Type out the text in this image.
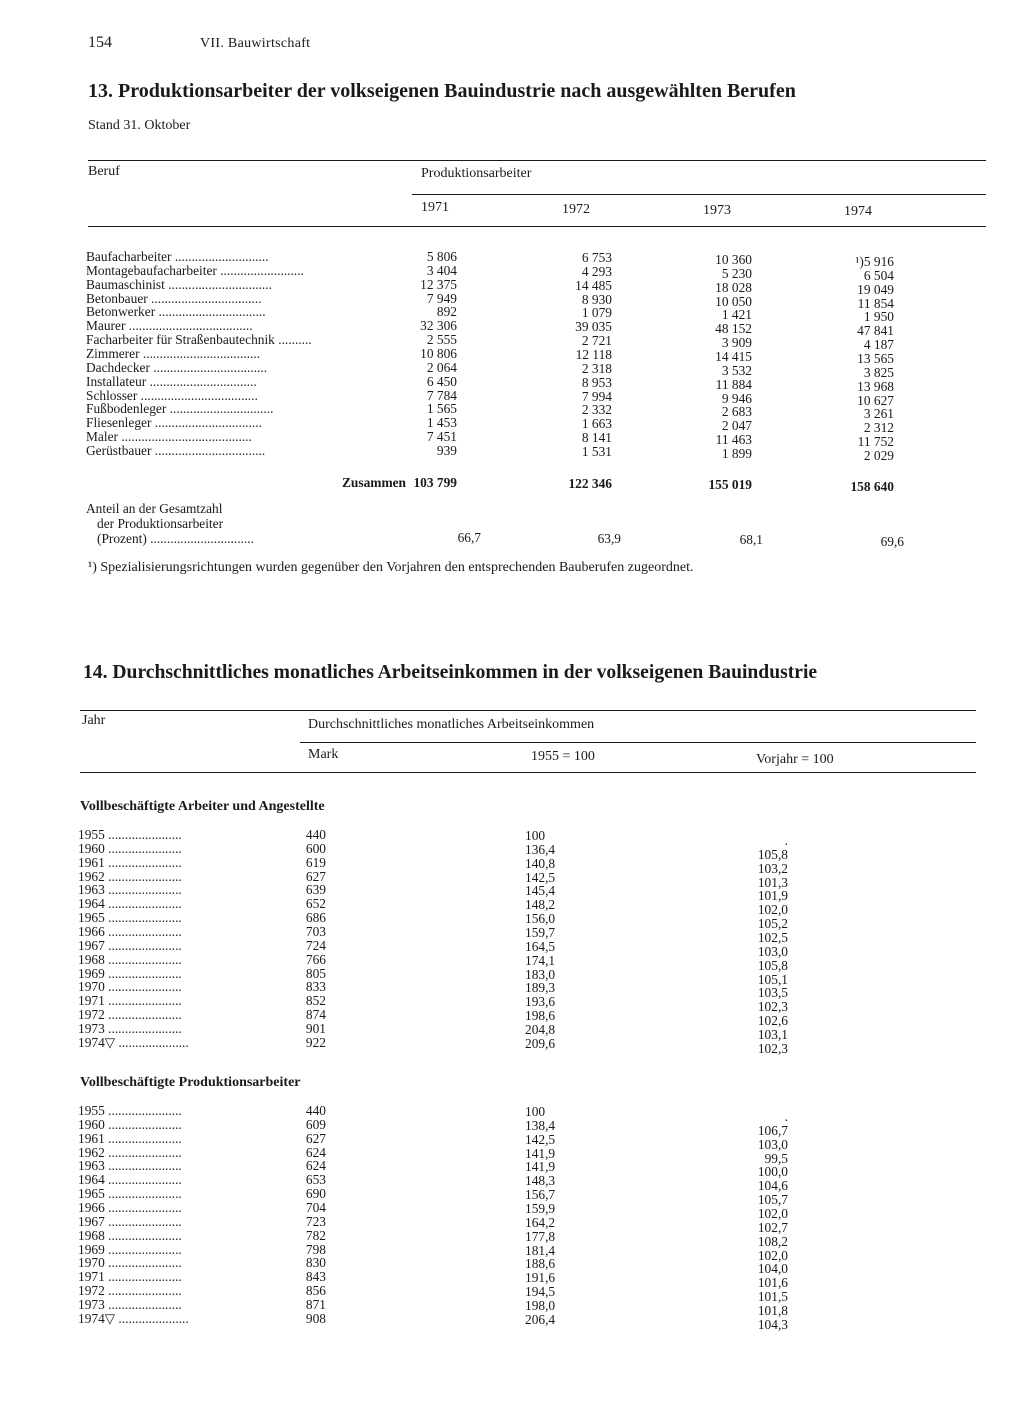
154	VII. Bauwirtschaft
13. Produktionsarbeiter der volkseigenen Bauindustrie nach ausgewählten Berufen
Stand 31. Oktober
Beruf	Produktionsarbeiter
1971	1972	1973	1974
Baufacharbeiter ............................	5 806	6 753	10 360	¹)5 916
Montagebaufacharbeiter .........................	3 404	4 293	5 230	6 504
Baumaschinist ...............................	12 375	14 485	18 028	19 049
Betonbauer .................................	7 949	8 930	10 050	11 854
Betonwerker ................................	892	1 079	1 421	1 950
Maurer .....................................	32 306	39 035	48 152	47 841
Facharbeiter für Straßenbautechnik ..........	2 555	2 721	3 909	4 187
Zimmerer ...................................	10 806	12 118	14 415	13 565
Dachdecker ..................................	2 064	2 318	3 532	3 825
Installateur ................................	6 450	8 953	11 884	13 968
Schlosser ...................................	7 784	7 994	9 946	10 627
Fußbodenleger ...............................	1 565	2 332	2 683	3 261
Fliesenleger ................................	1 453	1 663	2 047	2 312
Maler .......................................	7 451	8 141	11 463	11 752
Gerüstbauer .................................	939	1 531	1 899	2 029
Zusammen 103 799	122 346	155 019	158 640
Anteil an der Gesamtzahl
der Produktionsarbeiter
(Prozent) ...............................	66,7	63,9	68,1	69,6
¹) Spezialisierungsrichtungen wurden gegenüber den Vorjahren den entsprechenden Bauberufen zugeordnet.
14. Durchschnittliches monatliches Arbeitseinkommen in der volkseigenen Bauindustrie
Jahr	Durchschnittliches monatliches Arbeitseinkommen
Mark	1955 = 100	Vorjahr = 100
Vollbeschäftigte Arbeiter und Angestellte
1955 ......................	440	100	.
1960 ......................	600	136,4	105,8
1961 ......................	619	140,8	103,2
1962 ......................	627	142,5	101,3
1963 ......................	639	145,4	101,9
1964 ......................	652	148,2	102,0
1965 ......................	686	156,0	105,2
1966 ......................	703	159,7	102,5
1967 ......................	724	164,5	103,0
1968 ......................	766	174,1	105,8
1969 ......................	805	183,0	105,1
1970 ......................	833	189,3	103,5
1971 ......................	852	193,6	102,3
1972 ......................	874	198,6	102,6
1973 ......................	901	204,8	103,1
1974▽ .....................	922	209,6	102,3
Vollbeschäftigte Produktionsarbeiter
1955 ......................	440	100	.
1960 ......................	609	138,4	106,7
1961 ......................	627	142,5	103,0
1962 ......................	624	141,9	99,5
1963 ......................	624	141,9	100,0
1964 ......................	653	148,3	104,6
1965 ......................	690	156,7	105,7
1966 ......................	704	159,9	102,0
1967 ......................	723	164,2	102,7
1968 ......................	782	177,8	108,2
1969 ......................	798	181,4	102,0
1970 ......................	830	188,6	104,0
1971 ......................	843	191,6	101,6
1972 ......................	856	194,5	101,5
1973 ......................	871	198,0	101,8
1974▽ .....................	908	206,4	104,3
